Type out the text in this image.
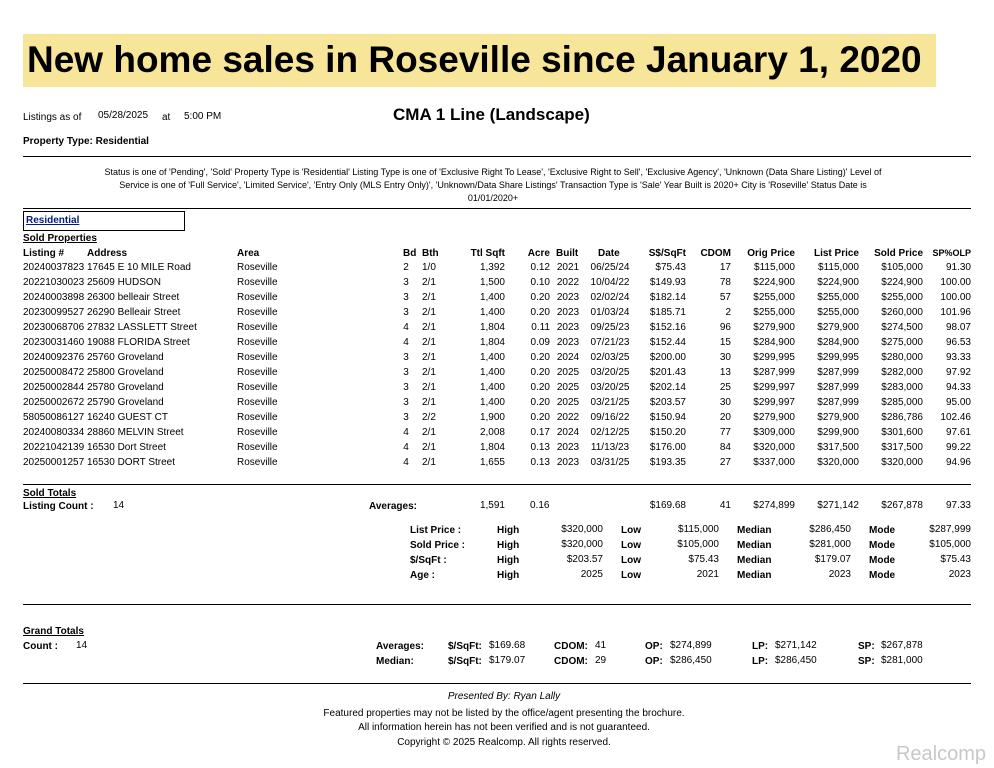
New home sales in Roseville since January 1, 2020
Listings as of 05/28/2025 at 5:00 PM	CMA 1 Line (Landscape)
Property Type: Residential
Status is one of 'Pending', 'Sold' Property Type is 'Residential' Listing Type is one of 'Exclusive Right To Lease', 'Exclusive Right to Sell', 'Exclusive Agency', 'Unknown (Data Share Listing)' Level of
Service is one of 'Full Service', 'Limited Service', 'Entry Only (MLS Entry Only)', 'Unknown/Data Share Listings' Transaction Type is 'Sale' Year Built is 2020+ City is 'Roseville' Status Date is
01/01/2020+
Residential
Sold Properties
Listing # Address	Area	Bd Bth	Ttl Sqft	Acre Built Date	S$/SqFt	CDOM	Orig Price	List Price	Sold Price	SP%OLP
20240037823 17645 E 10 MILE Road	Roseville	2	1/0	1,392	0.12 2021	06/25/24	$75.43	17	$115,000	$115,000	$105,000	91.30
20221030023 25609 HUDSON	Roseville	3	2/1	1,500	0.10 2022	10/04/22	$149.93	78	$224,900	$224,900	$224,900	100.00
20240003898 26300 belleair Street	Roseville	3	2/1	1,400	0.20 2023	02/02/24	$182.14	57	$255,000	$255,000	$255,000	100.00
20230099527 26290 Belleair Street	Roseville	3	2/1	1,400	0.20 2023	01/03/24	$185.71	2	$255,000	$255,000	$260,000	101.96
20230068706 27832 LASSLETT Street	Roseville	4	2/1	1,804	0.11 2023	09/25/23	$152.16	96	$279,900	$279,900	$274,500	98.07
20230031460 19088 FLORIDA Street	Roseville	4	2/1	1,804	0.09 2023	07/21/23	$152.44	15	$284,900	$284,900	$275,000	96.53
20240092376 25760 Groveland	Roseville	3	2/1	1,400	0.20 2024	02/03/25	$200.00	30	$299,995	$299,995	$280,000	93.33
20250008472 25800 Groveland	Roseville	3	2/1	1,400	0.20 2025	03/20/25	$201.43	13	$287,999	$287,999	$282,000	97.92
20250002844 25780 Groveland	Roseville	3	2/1	1,400	0.20 2025	03/20/25	$202.14	25	$299,997	$287,999	$283,000	94.33
20250002672 25790 Groveland	Roseville	3	2/1	1,400	0.20 2025	03/21/25	$203.57	30	$299,997	$287,999	$285,000	95.00
58050086127 16240 GUEST CT	Roseville	3	2/2	1,900	0.20 2022	09/16/22	$150.94	20	$279,900	$279,900	$286,786	102.46
20240080334 28860 MELVIN Street	Roseville	4	2/1	2,008	0.17 2024	02/12/25	$150.20	77	$309,000	$299,900	$301,600	97.61
20221042139 16530 Dort Street	Roseville	4	2/1	1,804	0.13 2023	11/13/23	$176.00	84	$320,000	$317,500	$317,500	99.22
20250001257 16530 DORT Street	Roseville	4	2/1	1,655	0.13 2023	03/31/25	$193.35	27	$337,000	$320,000	$320,000	94.96
Sold Totals
Listing Count : 14	Averages:	1,591	0.16	$169.68	41	$274,899	$271,142	$267,878	97.33
List Price :	High	$320,000 Low	$115,000 Median	$286,450 Mode	$287,999
Sold Price :	High	$320,000 Low	$105,000 Median	$281,000 Mode	$105,000
$/SqFt :	High	$203.57 Low	$75.43 Median	$179.07 Mode	$75.43
Age :	High	2025 Low	2021 Median	2023 Mode	2023
Grand Totals
Count : 14	Averages: $/SqFt: $169.68	CDOM: 41	OP: $274,899	LP: $271,142	SP: $267,878
Median:	$/SqFt: $179.07	CDOM: 29	OP: $286,450	LP: $286,450	SP: $281,000
Presented By: Ryan Lally
Featured properties may not be listed by the office/agent presenting the brochure.
All information herein has not been verified and is not guaranteed.
Copyright © 2025 Realcomp. All rights reserved.
Realcomp
